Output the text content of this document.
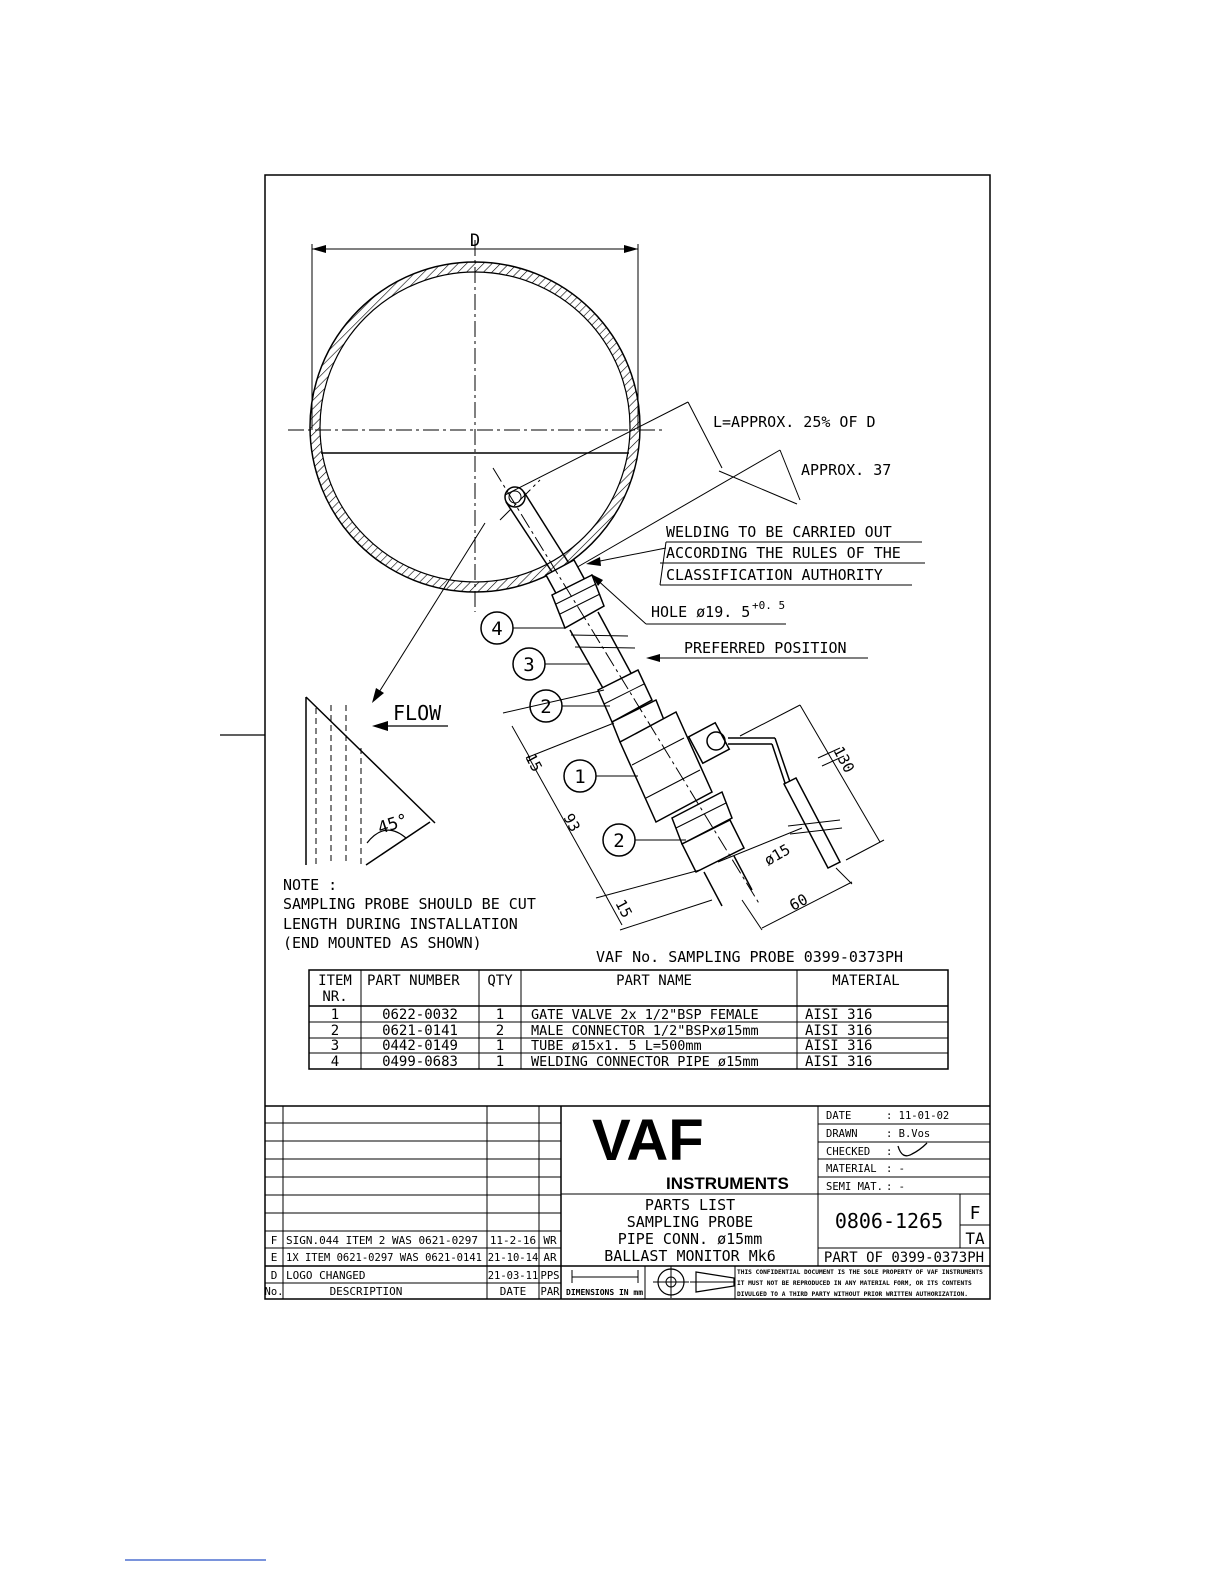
D
L=APPROX. 25% OF D
APPROX. 37
FLOW
45°
WELDING TO BE CARRIED OUT
ACCORDING THE RULES OF THE
CLASSIFICATION AUTHORITY
HOLE ø19. 5 +0. 5
PREFERRED POSITION
4
3
2
1
2
15
93
15
130
ø15
60
NOTE :
SAMPLING PROBE SHOULD BE CUT
LENGTH DURING INSTALLATION
(END MOUNTED AS SHOWN)
VAF No. SAMPLING PROBE 0399-0373PH
ITEM
NR.
PART NUMBER QTY	PART NAME	MATERIAL
1	0622-0032	1 GATE VALVE 2x 1/2"BSP FEMALE	AISI 316
2	0621-0141	2 MALE CONNECTOR 1/2"BSPxø15mm	AISI 316
3	0442-0149	1 TUBE ø15x1. 5 L=500mm	AISI 316
4	0499-0683	1 WELDING CONNECTOR PIPE ø15mm	AISI 316
F SIGN.044 ITEM 2 WAS 0621-0297 11-2-16 WR
E 1X ITEM 0621-0297 WAS 0621-0141 21-10-14 AR
D LOGO CHANGED	21-03-11 PPS
No.	DESCRIPTION	DATE PAR
VAF
INSTRUMENTS
PARTS LIST
SAMPLING PROBE
PIPE CONN. ø15mm
BALLAST MONITOR Mk6
DATE	: 11-01-02
DRAWN	: B.Vos
CHECKED :
MATERIAL : -
SEMI MAT. : -
0806-1265 F
TA
PART OF 0399-0373PH
DIMENSIONS IN mm
THIS CONFIDENTIAL DOCUMENT IS THE SOLE PROPERTY OF VAF INSTRUMENTS
IT MUST NOT BE REPRODUCED IN ANY MATERIAL FORM, OR ITS CONTENTS
DIVULGED TO A THIRD PARTY WITHOUT PRIOR WRITTEN AUTHORIZATION.
